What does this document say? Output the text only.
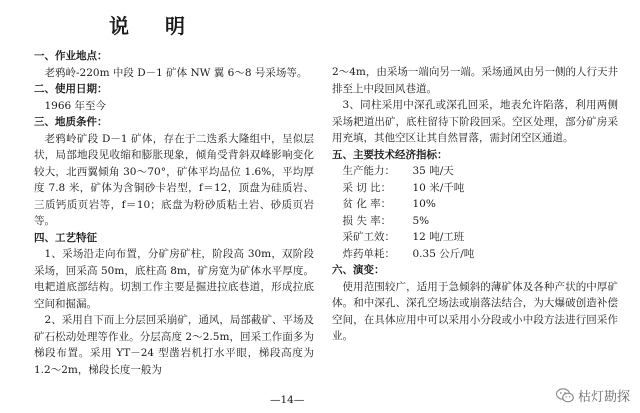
说明
一、作业地点：
老鸦岭-220m 中段 D－1 矿体 NW 翼 6～8 号采场等。
二、使用日期：
1966 年至今
三、地质条件：
老鸦岭矿段 D－1 矿体，存在于二迭系大隆组中，呈似层状，局部地段见收缩和膨胀现象，倾角受背斜双峰影响变化较大，北西翼倾角 30～70°，矿体平均品位 1.6%，平均厚度 7.8 米，矿体为含铜砂卡岩型，f＝12，顶盘为硅质岩、三质钙质页岩等，f＝10；底盘为粉砂质粘土岩、砂质页岩等。
四、工艺特征
1、采场沿走向布置，分矿房矿柱，阶段高 30m，双阶段采场，回采高 50m，底柱高 8m，矿房宽为矿体水平厚度。电耙道底部结构。切割工作主要是掘进拉底巷道，形成拉底空间和掘漏。
2、采用自下而上分层回采崩矿，通风，局部截矿、平场及矿石松动处理等作业。分层高度 2～2.5m，回采工作面多为梯段布置。采用 YT－24 型凿岩机打水平眼，梯段高度为 1.2～2m，梯段长度一般为
2～4m，由采场一端向另一端。采场通风由另一侧的人行天井排至上中段回风巷道。
3、同柱采用中深孔或深孔回采，地表允许陷落，利用两侧采场耙道出矿，底柱留待下阶段回采。空区处理，部分矿房采用充填，其他空区让其自然冒落，需封闭空区通道。
五、主要技术经济指标：
生产能力：	35 吨/天
采 切 比：	10 米/千吨
贫 化 率：	10%
损 失 率：	5%
采矿工效：	12 吨/工班
炸药单耗：	0.35 公斤/吨
六、演变：
使用范围较广，适用于急倾斜的薄矿体及各种产状的中厚矿体。和中深孔、深孔空场法或崩落法结合，为大爆破创造补偿空间，在具体应用中可以采用小分段或小中段方法进行回采作业。
—14—	枯灯勘探
